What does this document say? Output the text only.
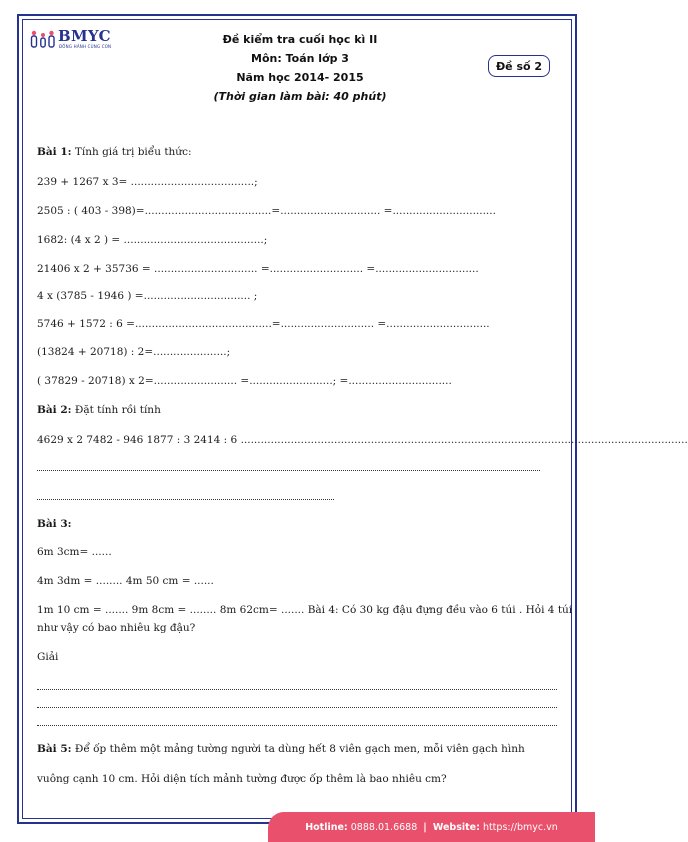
BMYC
ĐỒNG HÀNH CÙNG CON
Đề kiểm tra cuối học kì II
Môn: Toán lớp 3
Năm học 2014- 2015
(Thời gian làm bài: 40 phút)
Đề số 2
Bài 1: Tính giá trị biểu thức:
239 + 1267 x 3= .....................................;
2505 : ( 403 - 398)=......................................=.............................. =...............................
1682: (4 x 2 ) = ..........................................;
21406 x 2 + 35736 = ............................... =............................ =...............................
4 x (3785 - 1946 ) =................................ ;
5746 + 1572 : 6 =.........................................=............................ =...............................
(13824 + 20718) : 2=......................;
( 37829 - 20718) x 2=......................... =.........................; =...............................
Bài 2: Đặt tính rồi tính
4629 x 2 7482 - 946 1877 : 3 2414 : 6 ......................................................................................................................................
Bài 3:
6m 3cm= ......
4m 3dm = ........ 4m 50 cm = ......
1m 10 cm = ....... 9m 8cm = ........ 8m 62cm= ....... Bài 4: Có 30 kg đậu đựng đều vào 6 túi . Hỏi 4 túi
như vậy có bao nhiêu kg đậu?
Giải
Bài 5: Để ốp thêm một mảng tường người ta dùng hết 8 viên gạch men, mỗi viên gạch hình
vuông cạnh 10 cm. Hỏi diện tích mảnh tường được ốp thêm là bao nhiêu cm?
Hotline:
0888.01.6688
|
Website:
https://bmyc.vn
